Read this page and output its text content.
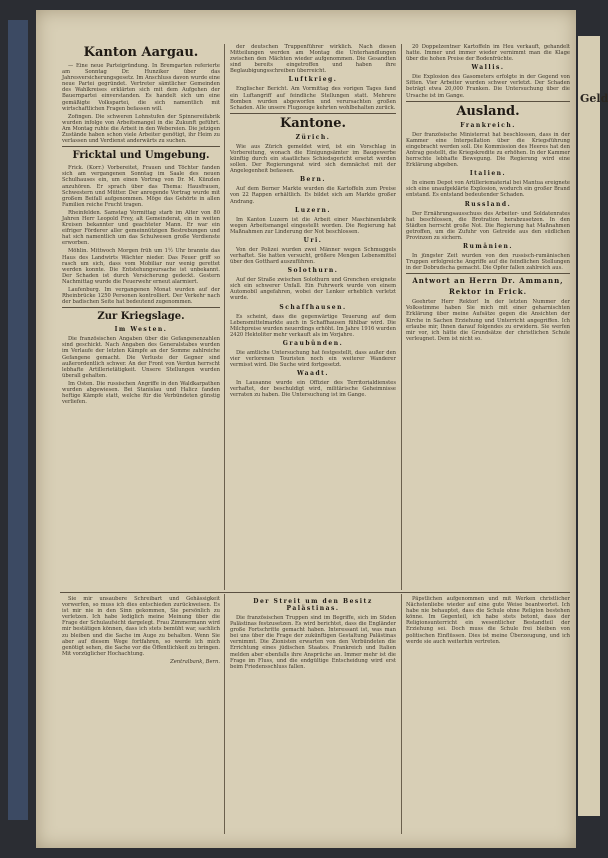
Geld
Kanton Aargau.

— Eine neue Parteigründung. In Bremgarten referierte am Sonntag Dr. Hunziker über das Jahresversicherungsgesetz. Im Anschluss davon wurde eine neue Partei gegründet. Vertreter sämtlicher Gemeinden des Wahlkreises erklärten sich mit dem Aufgehen der Bauernpartei einverstanden. Es handelt sich um eine gemäßigte Volkspartei, die sich namentlich mit wirtschaftlichen Fragen befassen will.

Zofingen. Die schweren Lohnstufen der Spinnereifabrik wurden infolge von Arbeitsmangel in die Zukunft geführt. Am Montag ruhte die Arbeit in den Webereien. Die jetzigen Zustände haben schon viele Arbeiter genötigt, ihr Heim zu verlassen und Verdienst anderwärts zu suchen.

Fricktal und Umgebung.

Frick. (Korr.) Vorbereitet, Frauen und Töchter fanden sich am vergangenen Sonntag im Saale des neuen Schulhauses ein, um einen Vortrag von Dr. M. Künzlen anzuhören. Er sprach über das Thema: Hausfrauen, Schwestern und Mütter. Der anregende Vortrag wurde mit großem Beifall aufgenommen. Möge das Gehörte in allen Familien reiche Frucht tragen.

Rheinfelden. Samstag Vormittag starb im Alter von 80 Jahren Herr Leopold Frey, alt Gemeinderat, ein in weiten Kreisen bekannter und geachteter Mann. Er war ein eifriger Förderer aller gemeinnützigen Bestrebungen und hat sich namentlich um das Schulwesen große Verdienste erworben.

Möhlin. Mittwoch Morgen früh um 1½ Uhr brannte das Haus des Landwirts Wächter nieder. Das Feuer griff so rasch um sich, dass vom Mobiliar nur wenig gerettet werden konnte. Die Entstehungsursache ist unbekannt. Der Schaden ist durch Versicherung gedeckt. Gestern Nachmittag wurde die Feuerwehr erneut alarmiert.

Laufenburg. Im vergangenen Monat wurden auf der Rheinbrücke 1250 Personen kontrolliert. Der Verkehr nach der badischen Seite hat bedeutend zugenommen.

Zur Kriegslage.
Im Westen.

Die französischen Angaben über die Gefangenenzahlen sind geschickt. Nach Angaben des Generalstabes wurden im Verlaufe der letzten Kämpfe an der Somme zahlreiche Gefangene gemacht. Die Verluste der Gegner sind außerordentlich schwer. An der Front von Verdun herrscht lebhafte Artillerietätigkeit. Unsere Stellungen wurden überall gehalten.

Im Osten. Die russischen Angriffe in den Waldkarpathen wurden abgewiesen. Bei Stanislau und Halicz fanden heftige Kämpfe statt, welche für die Verbündeten günstig verliefen.

der deutschen Truppenführer wirklich. Nach diesen Mitteilungen werden am Montag die Unterhandlungen zwischen den Mächten wieder aufgenommen. Die Gesandten sind bereits eingetroffen und haben ihre Beglaubigungsschreiben überreicht.

Luftkrieg.

Englischer Bericht. Am Vormittag des vorigen Tages fand ein Luftangriff auf feindliche Stellungen statt. Mehrere Bomben wurden abgeworfen und verursachten großen Schaden. Alle unsere Flugzeuge kehrten wohlbehalten zurück.

Kantone.
Zürich.

Wie aus Zürich gemeldet wird, ist ein Vorschlag in Vorbereitung, wonach die Einigungsämter im Baugewerbe künftig durch ein staatliches Schiedsgericht ersetzt werden sollen. Der Regierungsrat wird sich demnächst mit der Angelegenheit befassen.

Bern.

Auf dem Berner Markte wurden die Kartoffeln zum Preise von 22 Rappen erhältlich. Es bildet sich am Markte großer Andrang.

Luzern.

Im Kanton Luzern ist die Arbeit einer Maschinenfabrik wegen Arbeitsmangel eingestellt worden. Die Regierung hat Maßnahmen zur Linderung der Not beschlossen.

Uri.

Von der Polizei wurden zwei Männer wegen Schmuggels verhaftet. Sie hatten versucht, größere Mengen Lebensmittel über den Gotthard auszuführen.

Solothurn.

Auf der Straße zwischen Solothurn und Grenchen ereignete sich ein schwerer Unfall. Ein Fuhrwerk wurde von einem Automobil angefahren, wobei der Lenker erheblich verletzt wurde.

Schaffhausen.

Es scheint, dass die gegenwärtige Teuerung auf dem Lebensmittelmarkte auch in Schaffhausen fühlbar wird. Die Milchpreise wurden neuerdings erhöht. Im Jahre 1916 wurden 2420 Hektoliter mehr verkauft als im Vorjahre.

Graubünden.

Die amtliche Untersuchung hat festgestellt, dass außer den vier verlorenen Touristen noch ein weiterer Wanderer vermisst wird. Die Suche wird fortgesetzt.

Waadt.

In Lausanne wurde ein Offizier des Territorialdienstes verhaftet, der beschuldigt wird, militärische Geheimnisse verraten zu haben. Die Untersuchung ist im Gange.

20 Doppelzentner Kartoffeln im Heu verkauft, gehandelt hatte. Immer und immer wieder vernimmt man die Klage über die hohen Preise der Bodenfrüchte.

Wallis.

Die Explosion des Gasometers erfolgte in der Gegend von Sitten. Vier Arbeiter wurden schwer verletzt. Der Schaden beträgt etwa 20,000 Franken. Die Untersuchung über die Ursache ist im Gange.

Ausland.
Frankreich.

Der französische Ministerrat hat beschlossen, dass in der Kammer eine Interpellation über die Kriegsführung eingebracht werden soll. Die Kommission des Heeres hat den Antrag gestellt, die Kriegskredite zu erhöhen. In der Kammer herrschte lebhafte Bewegung. Die Regierung wird eine Erklärung abgeben.

Italien.

In einem Depot von Artilleriematerial bei Mantua ereignete sich eine unaufgeklärte Explosion, wodurch ein großer Brand entstand. Es entstand bedeutender Schaden.

Russland.

Der Ernährungsausschuss des Arbeiter- und Soldatenrates hat beschlossen, die Brotration herabzusetzen. In den Städten herrscht große Not. Die Regierung hat Maßnahmen getroffen, um die Zufuhr von Getreide aus den südlichen Provinzen zu sichern.

Rumänien.

In jüngster Zeit wurden von den russisch-rumänischen Truppen erfolgreiche Angriffe auf die feindlichen Stellungen in der Dobrudscha gemacht. Die Opfer fallen zahlreich aus.

Antwort an Herrn Dr. Ammann,
Rektor in Frick.

Geehrter Herr Rektor! In der letzten Nummer der Volksstimme haben Sie mich mit einer geharnischten Erklärung über meine Aufsätze gegen die Ansichten der Kirche in Sachen Erziehung und Unterricht angegriffen. Ich erlaube mir, Ihnen darauf folgendes zu erwidern. Sie werfen mir vor, ich hätte die Grundsätze der christlichen Schule verleugnet. Dem ist nicht so.

Sie mir unsaubere Schreibart und Gehässigkeit vorwerfen, so muss ich dies entschieden zurückweisen. Es ist mir nie in den Sinn gekommen, Sie persönlich zu verletzen. Ich habe lediglich meine Meinung über die Frage der Schulaufsicht dargelegt. Frau Zimmermann wird mir bestätigen können, dass ich stets bemüht war, sachlich zu bleiben und die Sache im Auge zu behalten. Wenn Sie aber auf diesem Wege fortfahren, so werde ich mich genötigt sehen, die Sache vor die Öffentlichkeit zu bringen. Mit vorzüglicher Hochachtung.

Zentralbank, Bern.
Der Streit um den Besitz Palästinas.

Die französischen Truppen sind im Begriffe, sich im Süden Palästinas festzusetzen. Es wird berichtet, dass die Engländer große Fortschritte gemacht haben. Interessant ist, was man bei uns über die Frage der zukünftigen Gestaltung Palästinas vernimmt. Die Zionisten erwarten von den Verbündeten die Errichtung eines jüdischen Staates. Frankreich und Italien melden aber ebenfalls ihre Ansprüche an. Immer mehr ist die Frage im Fluss, und die endgültige Entscheidung wird erst beim Friedensschluss fallen.

Päpstlichen aufgenommen und mit Werken christlicher Nächstenliebe wieder auf eine gute Weise beantwortet. Ich habe nie behauptet, dass die Schule ohne Religion bestehen könne. Im Gegenteil, ich habe stets betont, dass der Religionsunterricht ein wesentlicher Bestandteil der Erziehung sei. Doch muss die Schule frei bleiben von politischen Einflüssen. Dies ist meine Überzeugung, und ich werde sie auch weiterhin vertreten.
